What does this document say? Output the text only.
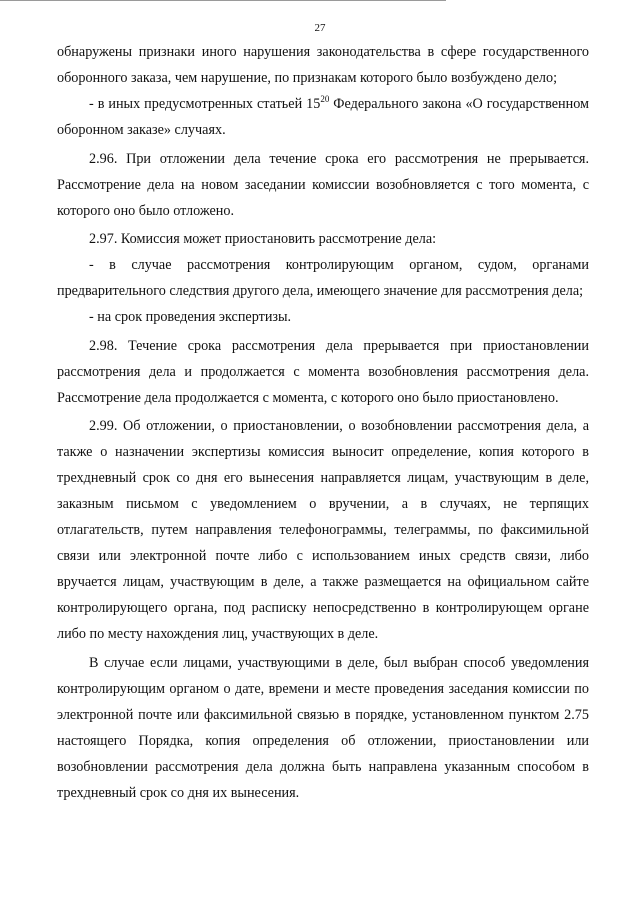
27

обнаружены признаки иного нарушения законодательства в сфере государственного оборонного заказа, чем нарушение, по признакам которого было возбуждено дело;

- в иных предусмотренных статьей $15^{20}$ Федерального закона «О государственном оборонном заказе» случаях.

2.96. При отложении дела течение срока его рассмотрения не прерывается. Рассмотрение дела на новом заседании комиссии возобновляется с того момента, с которого оно было отложено.

2.97. Комиссия может приостановить рассмотрение дела:

- в случае рассмотрения контролирующим органом, судом, органами предварительного следствия другого дела, имеющего значение для рассмотрения дела;

- на срок проведения экспертизы.

2.98. Течение срока рассмотрения дела прерывается при приостановлении рассмотрения дела и продолжается с момента возобновления рассмотрения дела. Рассмотрение дела продолжается с момента, с которого оно было приостановлено.

2.99. Об отложении, о приостановлении, о возобновлении рассмотрения дела, а также о назначении экспертизы комиссия выносит определение, копия которого в трехдневный срок со дня его вынесения направляется лицам, участвующим в деле, заказным письмом с уведомлением о вручении, а в случаях, не терпящих отлагательств, путем направления телефонограммы, телеграммы, по факсимильной связи или электронной почте либо с использованием иных средств связи, либо вручается лицам, участвующим в деле, а также размещается на официальном сайте контролирующего органа, под расписку непосредственно в контролирующем органе либо по месту нахождения лиц, участвующих в деле.

В случае если лицами, участвующими в деле, был выбран способ уведомления контролирующим органом о дате, времени и месте проведения заседания комиссии по электронной почте или факсимильной связью в порядке, установленном пунктом 2.75 настоящего Порядка, копия определения об отложении, приостановлении или возобновлении рассмотрения дела должна быть направлена указанным способом в трехдневный срок со дня их вынесения.
